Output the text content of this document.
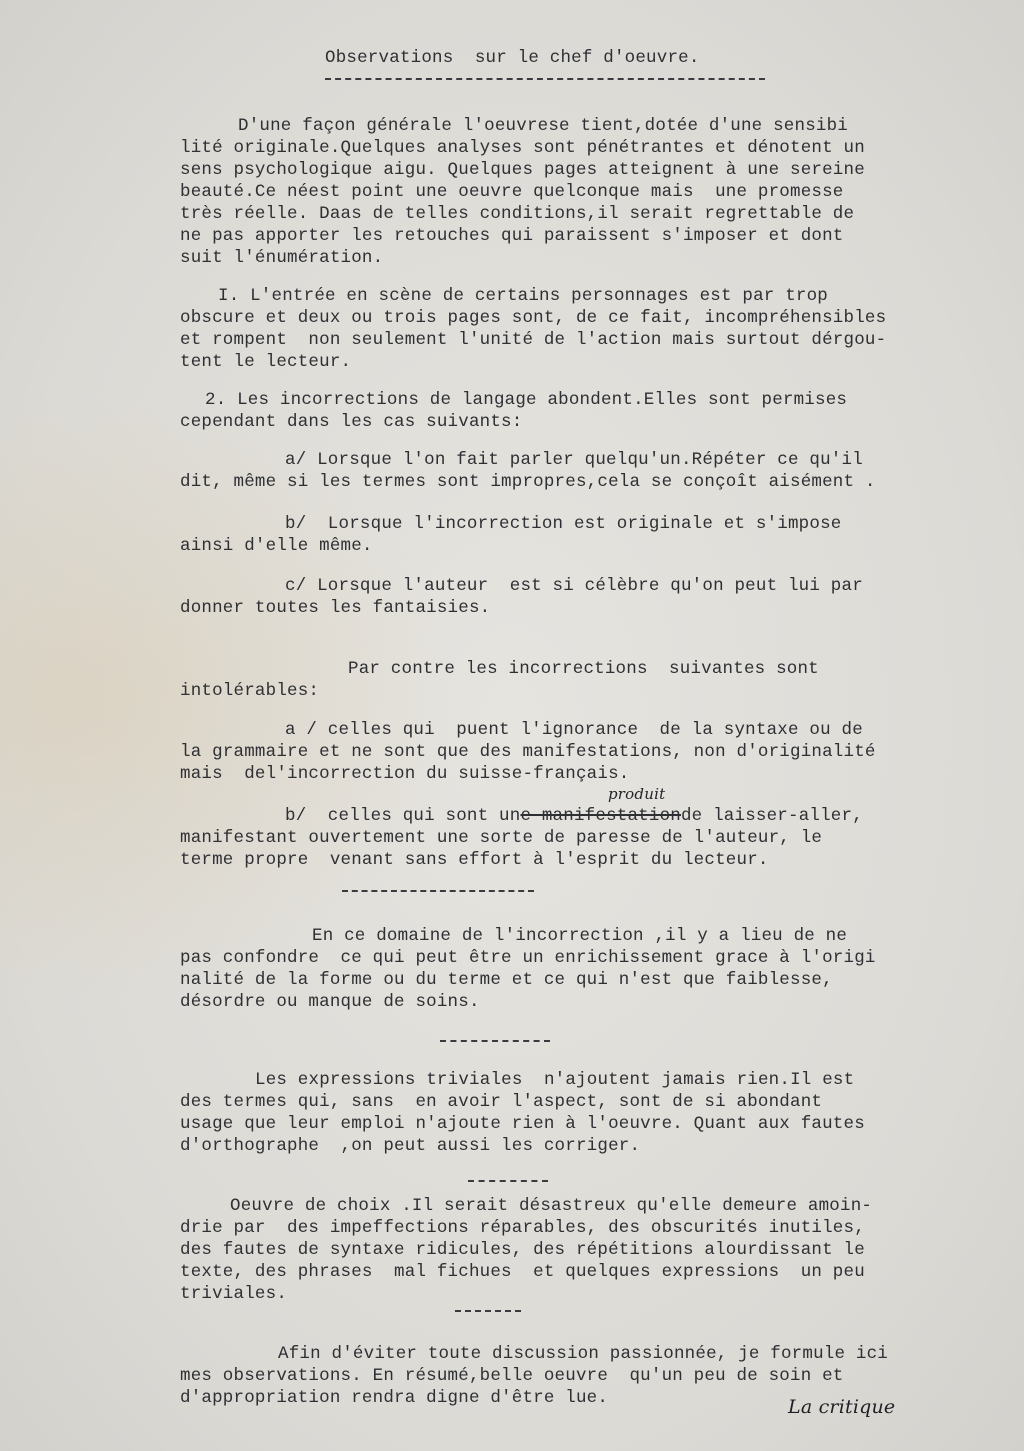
Observations  sur le chef d'oeuvre.
D'une façon générale l'oeuvrese tient,dotée d'une sensibi
lité originale.Quelques analyses sont pénétrantes et dénotent un
sens psychologique aigu. Quelques pages atteignent à une sereine
beauté.Ce néest point une oeuvre quelconque mais  une promesse
très réelle. Daas de telles conditions,il serait regrettable de
ne pas apporter les retouches qui paraissent s'imposer et dont
suit l'énumération.
I. L'entrée en scène de certains personnages est par trop
obscure et deux ou trois pages sont, de ce fait, incompréhensibles
et rompent  non seulement l'unité de l'action mais surtout dérgou-
tent le lecteur.
2. Les incorrections de langage abondent.Elles sont permises
cependant dans les cas suivants:
a/ Lorsque l'on fait parler quelqu'un.Répéter ce qu'il
dit, même si les termes sont impropres,cela se conçoît aisément .
b/  Lorsque l'incorrection est originale et s'impose
ainsi d'elle même.
c/ Lorsque l'auteur  est si célèbre qu'on peut lui par
donner toutes les fantaisies.
Par contre les incorrections  suivantes sont
intolérables:
a / celles qui  puent l'ignorance  de la syntaxe ou de
la grammaire et ne sont que des manifestations, non d'originalité
mais  del'incorrection du suisse-français.
produit
b/  celles qui sont une manifestationde laisser-aller,
manifestant ouvertement une sorte de paresse de l'auteur, le
terme propre  venant sans effort à l'esprit du lecteur.
En ce domaine de l'incorrection ,il y a lieu de ne
pas confondre  ce qui peut être un enrichissement grace à l'origi
nalité de la forme ou du terme et ce qui n'est que faiblesse,
désordre ou manque de soins.
Les expressions triviales  n'ajoutent jamais rien.Il est
des termes qui, sans  en avoir l'aspect, sont de si abondant
usage que leur emploi n'ajoute rien à l'oeuvre. Quant aux fautes
d'orthographe  ,on peut aussi les corriger.
Oeuvre de choix .Il serait désastreux qu'elle demeure amoin-
drie par  des impeffections réparables, des obscurités inutiles,
des fautes de syntaxe ridicules, des répétitions alourdissant le
texte, des phrases  mal fichues  et quelques expressions  un peu
triviales.
Afin d'éviter toute discussion passionnée, je formule ici
mes observations. En résumé,belle oeuvre  qu'un peu de soin et
d'appropriation rendra digne d'être lue.	La critique
